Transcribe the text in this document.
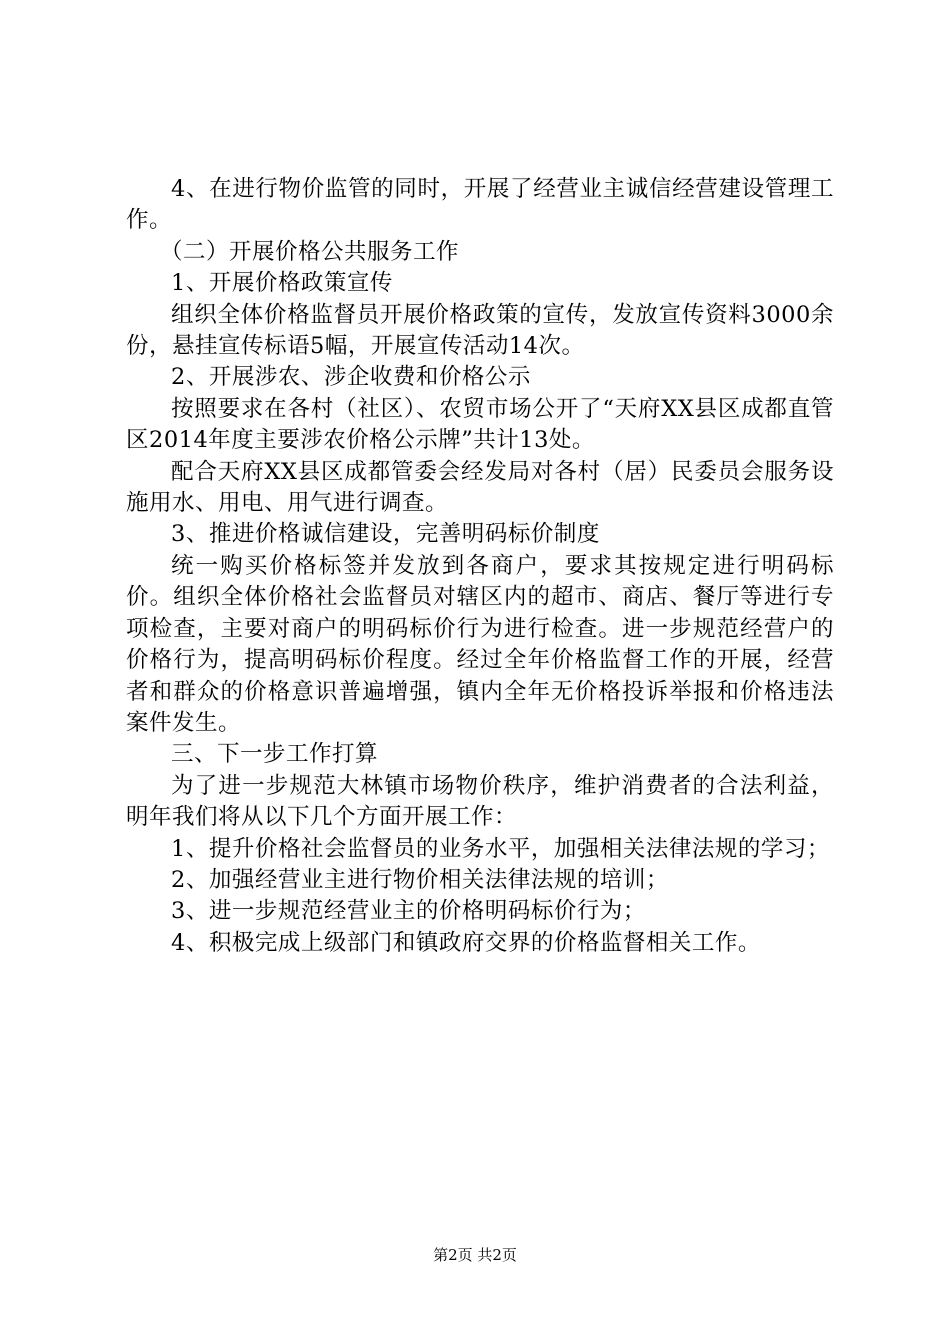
4、在进行物价监管的同时，开展了经营业主诚信经营建设管理工作。

（二）开展价格公共服务工作

1、开展价格政策宣传

组织全体价格监督员开展价格政策的宣传，发放宣传资料3000余份，悬挂宣传标语5幅，开展宣传活动14次。

2、开展涉农、涉企收费和价格公示

按照要求在各村（社区）、农贸市场公开了“天府XX县区成都直管区2014年度主要涉农价格公示牌”共计13处。

配合天府XX县区成都管委会经发局对各村（居）民委员会服务设施用水、用电、用气进行调查。

3、推进价格诚信建设，完善明码标价制度

统一购买价格标签并发放到各商户，要求其按规定进行明码标价。组织全体价格社会监督员对辖区内的超市、商店、餐厅等进行专项检查，主要对商户的明码标价行为进行检查。进一步规范经营户的价格行为，提高明码标价程度。经过全年价格监督工作的开展，经营者和群众的价格意识普遍增强，镇内全年无价格投诉举报和价格违法案件发生。

三、下一步工作打算

为了进一步规范大林镇市场物价秩序，维护消费者的合法利益，明年我们将从以下几个方面开展工作：

1、提升价格社会监督员的业务水平，加强相关法律法规的学习；

2、加强经营业主进行物价相关法律法规的培训；

3、进一步规范经营业主的价格明码标价行为；

4、积极完成上级部门和镇政府交界的价格监督相关工作。

第2页 共2页
